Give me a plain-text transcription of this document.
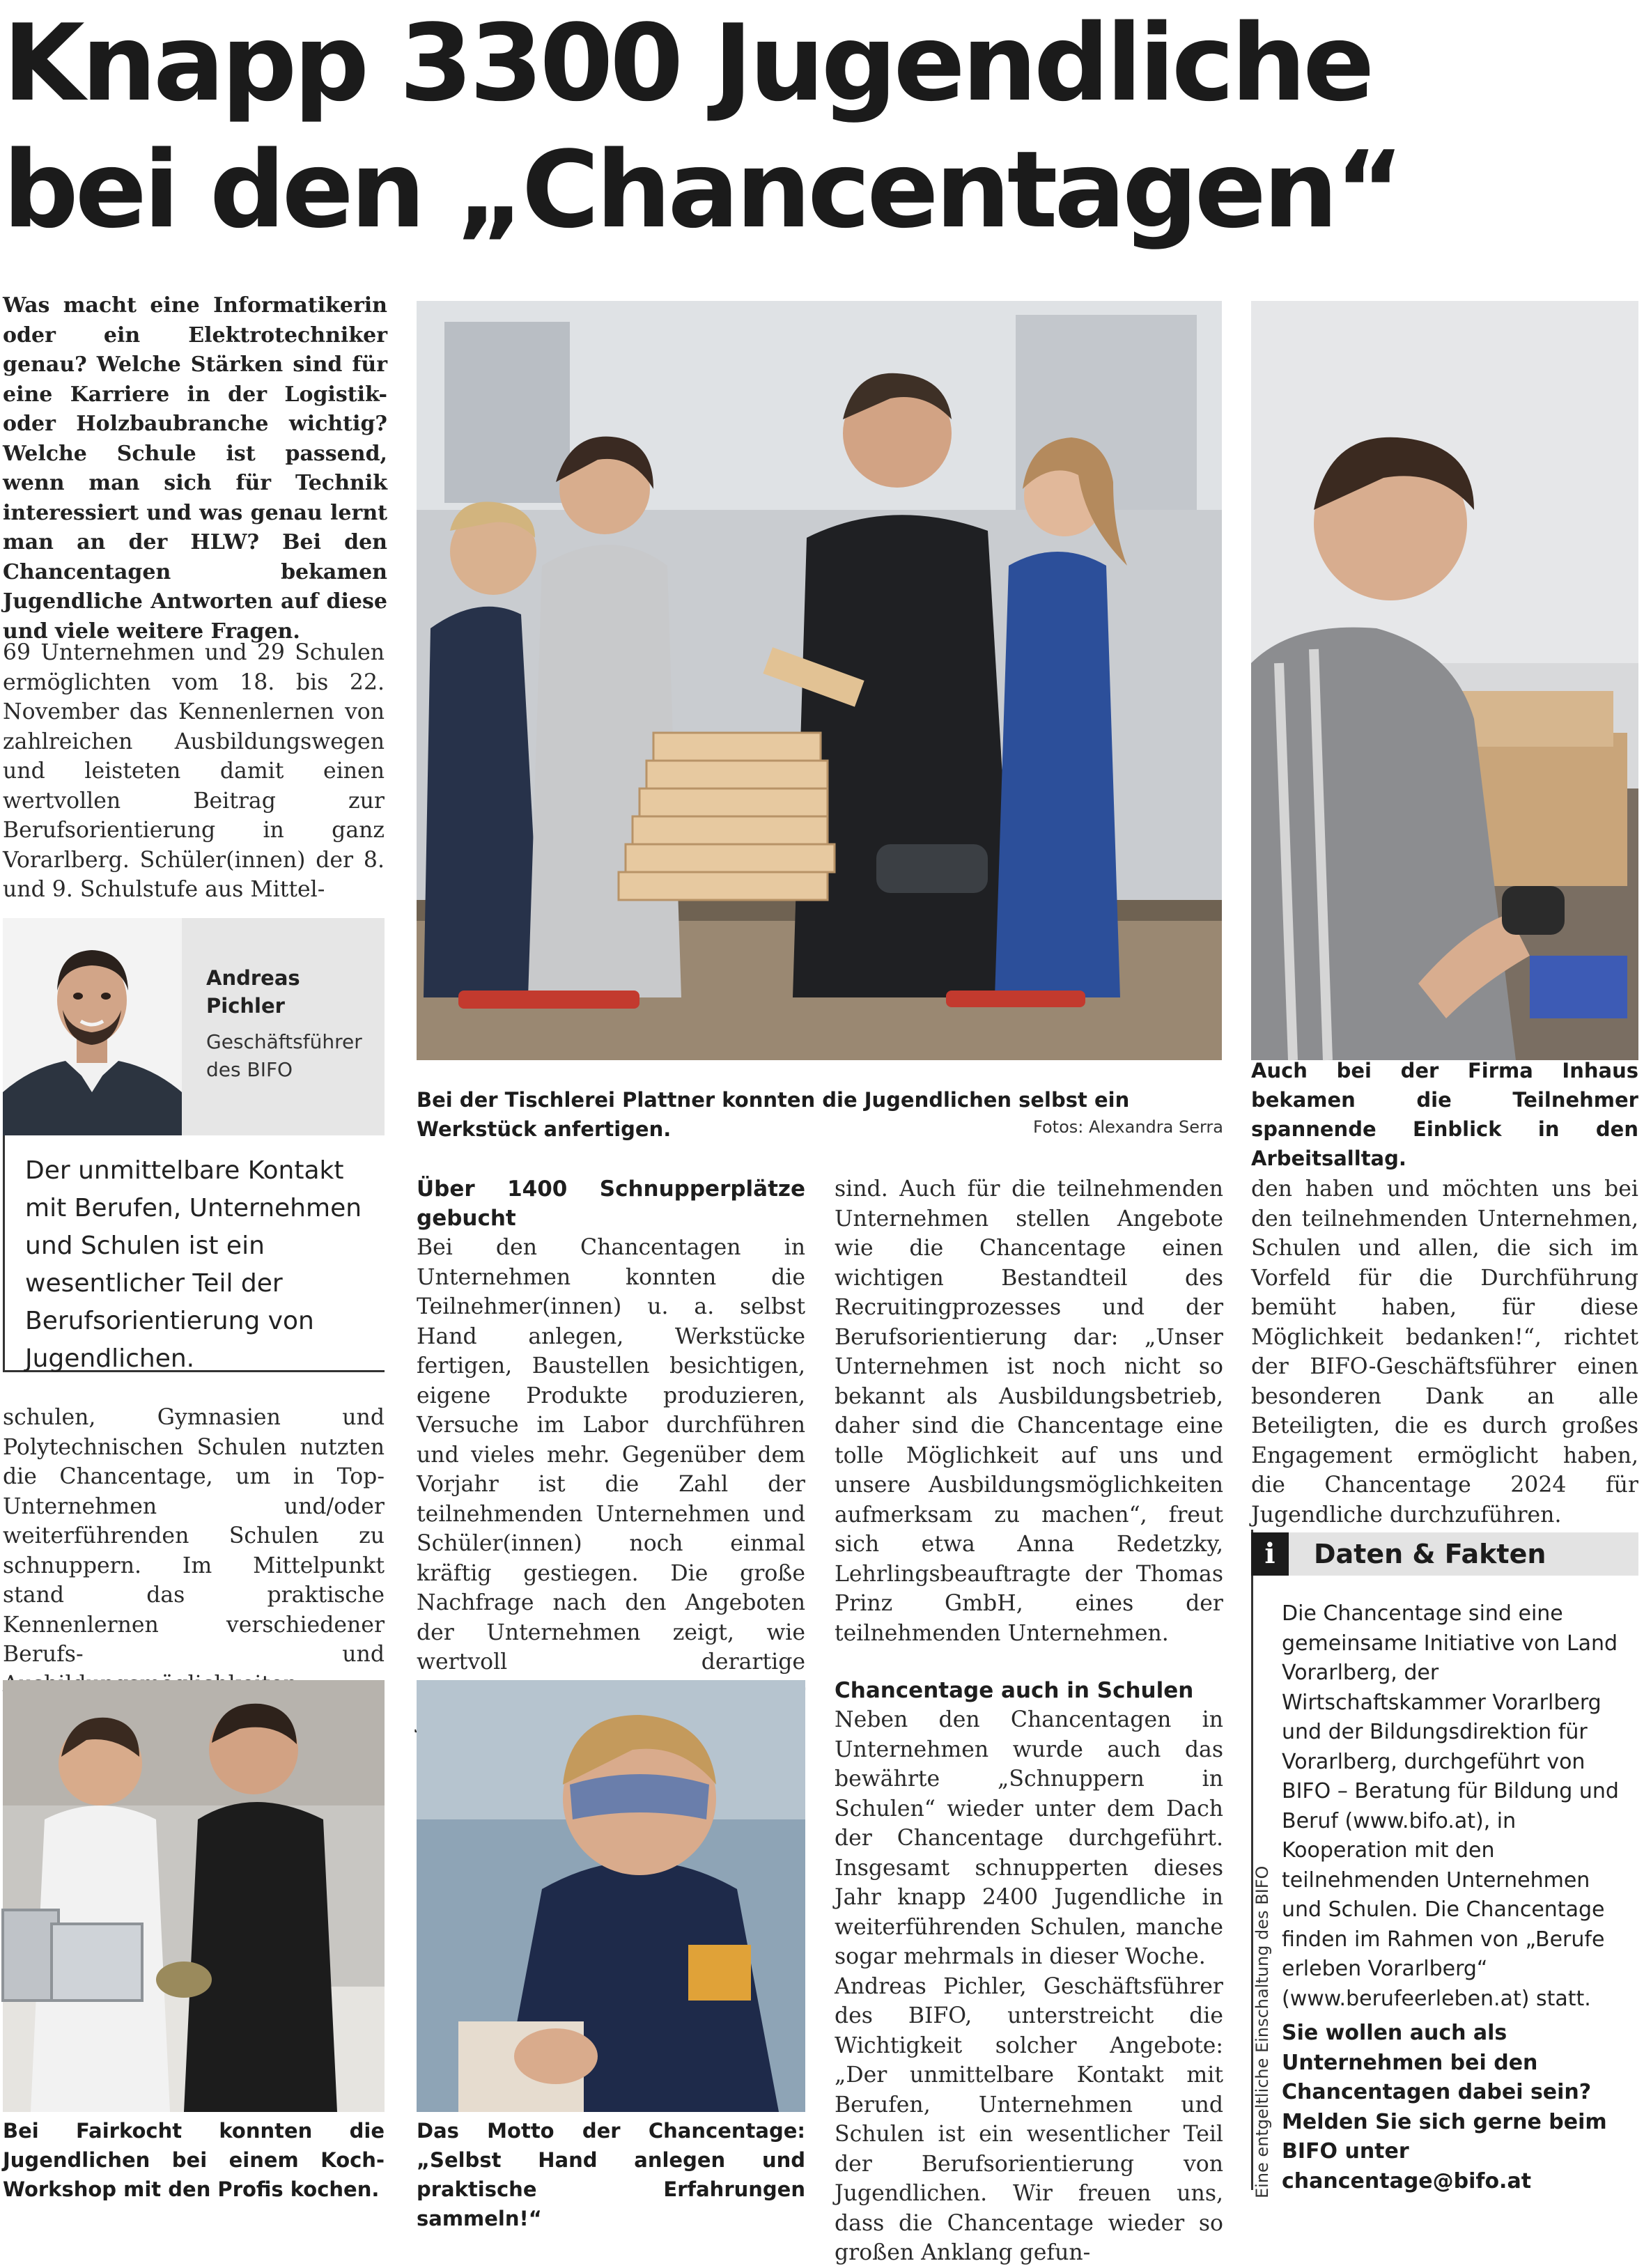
Knapp 3300 Jugendliche
bei den „Chancentagen“

Was macht eine Informatikerin oder ein Elektrotechniker genau? Welche Stärken sind für eine Karriere in der Logistik- oder Holzbaubranche wichtig? Welche Schule ist passend, wenn man sich für Technik interessiert und was genau lernt man an der HLW? Bei den Chancentagen bekamen Jugendliche Antworten auf diese und viele weitere Fragen.

69 Unternehmen und 29 Schulen ermöglichten vom 18. bis 22. November das Kennenlernen von zahlreichen Ausbildungswegen und leisteten damit einen wertvollen Beitrag zur Berufsorientierung in ganz Vorarlberg. Schüler(innen) der 8. und 9. Schulstufe aus Mittel-

Andreas Pichler
Geschäftsführer des BIFO

Der unmittelbare Kontakt mit Berufen, Unternehmen und Schulen ist ein wesentlicher Teil der Berufsorientierung von Jugendlichen.

schulen, Gymnasien und Polytechnischen Schulen nutzten die Chancentage, um in Top-Unternehmen und/oder weiterführenden Schulen zu schnuppern. Im Mittelpunkt stand das praktische Kennenlernen verschiedener Berufs- und

Bei der Tischlerei Plattner konnten die Jugendlichen selbst ein Werkstück anfertigen.	Fotos: Alexandra Serra

Auch bei der Firma Inhaus bekamen die Teilnehmer spannende Einblick in den Arbeitsalltag.

Über 1400 Schnupperplätze gebucht

Bei den Chancentagen in Unternehmen konnten die Teilnehmer(innen) u. a. selbst Hand anlegen, Werkstücke fertigen, Baustellen besichtigen, eigene Produkte produzieren, Versuche im Labor durchführen und vieles mehr. Gegenüber dem Vorjahr ist die Zahl der teilnehmenden Unternehmen und Schüler(innen) noch einmal kräftig gestiegen. Die große Nachfrage nach den Angeboten der Unternehmen zeigt, wie wertvoll derartige

sind. Auch für die teilnehmenden Unternehmen stellen Angebote wie die Chancentage einen wichtigen Bestandteil des Recruitingprozesses und der Berufsorientierung dar: „Unser Unternehmen ist noch nicht so bekannt als Ausbildungsbetrieb, daher sind die Chancentage eine tolle Möglichkeit auf uns und unsere Ausbildungsmöglichkeiten aufmerksam zu machen“, freut sich etwa Anna Redetzky, Lehrlingsbeauftragte der Thomas Prinz GmbH, eines der teilnehmenden Unternehmen.

Chancentage auch in Schulen

Neben den Chancentagen in Unternehmen wurde auch das bewährte „Schnuppern in Schulen“ wieder unter dem Dach der Chancentage durchgeführt. Insgesamt schnupperten dieses Jahr knapp 2400 Jugendliche in weiterführenden Schulen, manche sogar mehrmals in dieser Woche.

Andreas Pichler, Geschäftsführer des BIFO, unterstreicht die Wichtigkeit solcher Angebote: „Der unmittelbare Kontakt mit Berufen, Unternehmen und Schulen ist ein wesentlicher Teil der Berufsorientierung von Jugendlichen. Wir freuen uns, dass die Chancentage wieder so großen Anklang gefun-

den haben und möchten uns bei den teilnehmenden Unternehmen, Schulen und allen, die sich im Vorfeld für die Durchführung bemüht haben, für diese Möglichkeit bedanken!“, richtet der BIFO-Geschäftsführer einen besonderen Dank an alle Beteiligten, die es durch großes Engagement ermöglicht haben, die Chancentage 2024 für Jugendliche durchzuführen.

Bei Fairkocht konnten die Jugendlichen bei einem Koch-Workshop mit den Profis kochen.

Das Motto der Chancentage: „Selbst Hand anlegen und praktische Erfahrungen sammeln!“

i	Daten & Fakten

Die Chancentage sind eine gemeinsame Initiative von Land Vorarlberg, der Wirtschaftskammer Vorarlberg und der Bildungsdirektion für Vorarlberg, durchgeführt von BIFO – Beratung für Bildung und Beruf (www.bifo.at), in Kooperation mit den teilnehmenden Unternehmen und Schulen. Die Chancentage finden im Rahmen von „Berufe erleben Vorarlberg“ (www.berufeerleben.at) statt.

Sie wollen auch als Unternehmen bei den Chancentagen dabei sein? Melden Sie sich gerne beim BIFO unter chancentage@bifo.at

Eine entgeltliche Einschaltung des BIFO
